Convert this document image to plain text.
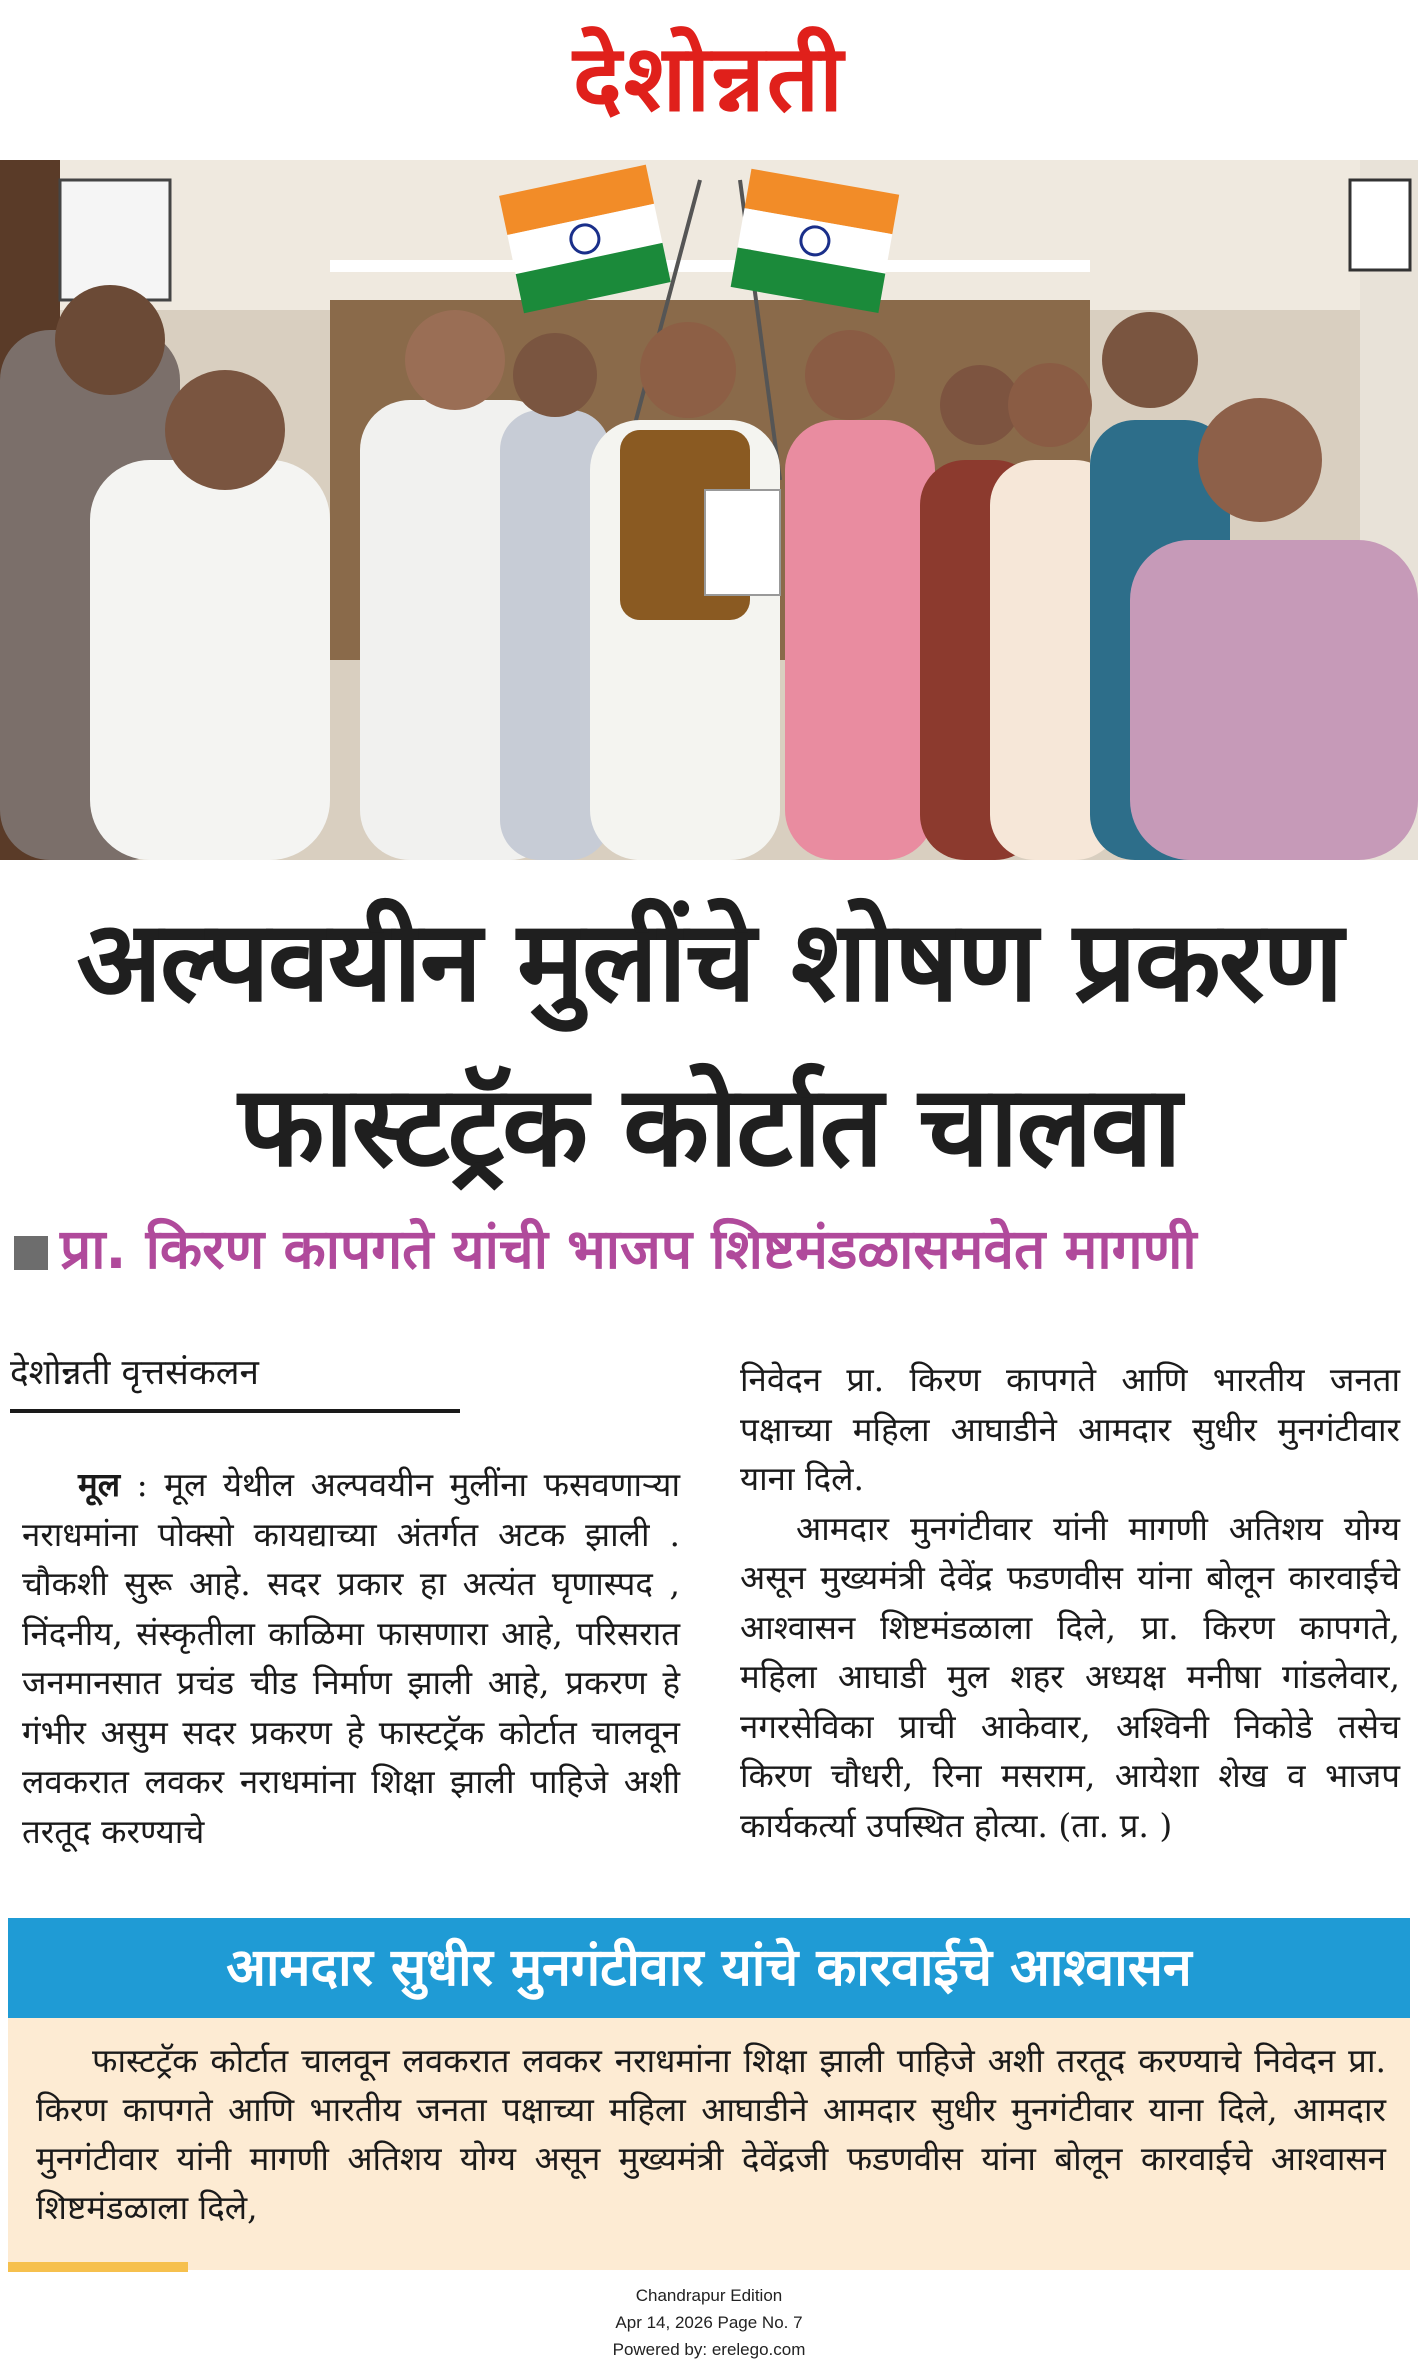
देशोन्नती
अल्पवयीन मुलींचे शोषण प्रकरण
फास्टट्रॅक कोर्टात चालवा
प्रा. किरण कापगते यांची भाजप शिष्टमंडळासमवेत मागणी
देशोन्नती वृत्तसंकलन

मूल : मूल येथील अल्पवयीन मुलींना फसवणाऱ्या नराधमांना पोक्सो कायद्याच्या अंतर्गत अटक झाली . चौकशी सुरू आहे. सदर प्रकार हा अत्यंत घृणास्पद , निंदनीय, संस्कृतीला काळिमा फासणारा आहे, परिसरात जनमानसात प्रचंड चीड निर्माण झाली आहे, प्रकरण हे गंभीर असुम सदर प्रकरण हे फास्टट्रॅक कोर्टात चालवून लवकरात लवकर नराधमांना शिक्षा झाली पाहिजे अशी तरतूद करण्याचे

निवेदन प्रा. किरण कापगते आणि भारतीय जनता पक्षाच्या महिला आघाडीने आमदार सुधीर मुनगंटीवार याना दिले.

आमदार मुनगंटीवार यांनी मागणी अतिशय योग्य असून मुख्यमंत्री देवेंद्र फडणवीस यांना बोलून कारवाईचे आश्वासन शिष्टमंडळाला दिले, प्रा. किरण कापगते, महिला आघाडी मुल शहर अध्यक्ष मनीषा गांडलेवार, नगरसेविका प्राची आकेवार, अश्विनी निकोडे तसेच किरण चौधरी, रिना मसराम, आयेशा शेख व भाजप कार्यकर्त्या उपस्थित होत्या. (ता. प्र. )

आमदार सुधीर मुनगंटीवार यांचे कारवाईचे आश्वासन
फास्टट्रॅक कोर्टात चालवून लवकरात लवकर नराधमांना शिक्षा झाली पाहिजे अशी तरतूद करण्याचे निवेदन प्रा. किरण कापगते आणि भारतीय जनता पक्षाच्या महिला आघाडीने आमदार सुधीर मुनगंटीवार याना दिले, आमदार मुनगंटीवार यांनी मागणी अतिशय योग्य असून मुख्यमंत्री देवेंद्रजी फडणवीस यांना बोलून कारवाईचे आश्वासन शिष्टमंडळाला दिले,
Chandrapur Edition
Apr 14, 2026 Page No. 7
Powered by: erelego.com
